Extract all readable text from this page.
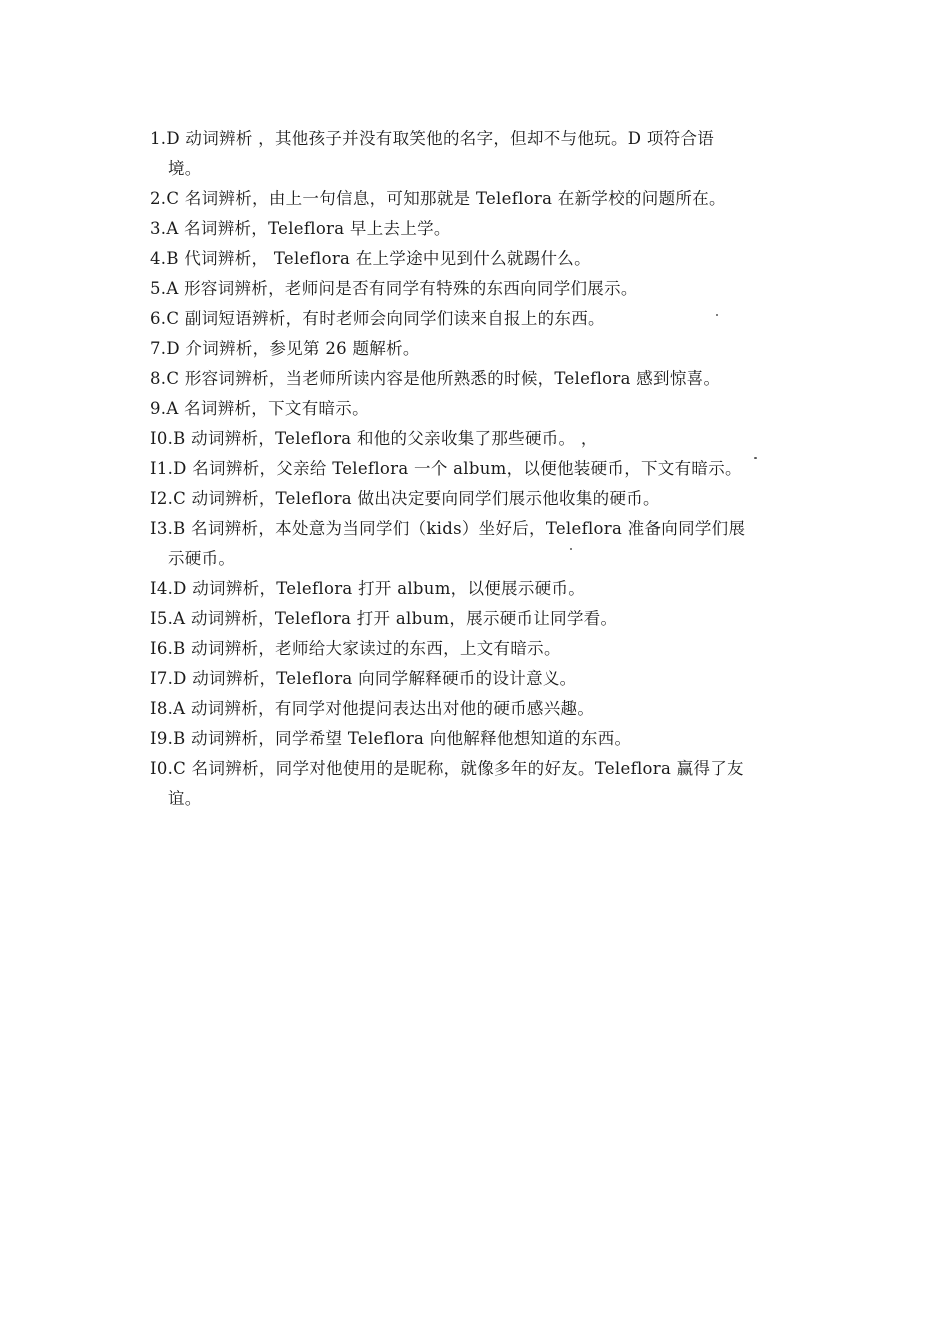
1.D 动词辨析 ，其他孩子并没有取笑他的名字，但却不与他玩。D 项符合语
境。
2.C 名词辨析，由上一句信息，可知那就是 Teleflora 在新学校的问题所在。
3.A 名词辨析，Teleflora 早上去上学。
4.B 代词辨析， Teleflora 在上学途中见到什么就踢什么。
5.A 形容词辨析，老师问是否有同学有特殊的东西向同学们展示。
6.C 副词短语辨析，有时老师会向同学们读来自报上的东西。
7.D 介词辨析，参见第 26 题解析。
8.C 形容词辨析，当老师所读内容是他所熟悉的时候，Teleflora 感到惊喜。
9.A 名词辨析，下文有暗示。
I0.B 动词辨析，Teleflora 和他的父亲收集了那些硬币。 ，
I1.D 名词辨析，父亲给 Teleflora 一个 album，以便他装硬币，下文有暗示。
I2.C 动词辨析，Teleflora 做出决定要向同学们展示他收集的硬币。
I3.B 名词辨析，本处意为当同学们（kids）坐好后，Teleflora 准备向同学们展
示硬币。
I4.D 动词辨析，Teleflora 打开 album，以便展示硬币。
I5.A 动词辨析，Teleflora 打开 album，展示硬币让同学看。
I6.B 动词辨析，老师给大家读过的东西，上文有暗示。
I7.D 动词辨析，Teleflora 向同学解释硬币的设计意义。
I8.A 动词辨析，有同学对他提问表达出对他的硬币感兴趣。
I9.B 动词辨析，同学希望 Teleflora 向他解释他想知道的东西。
I0.C 名词辨析，同学对他使用的是昵称，就像多年的好友。Teleflora 赢得了友
谊。
